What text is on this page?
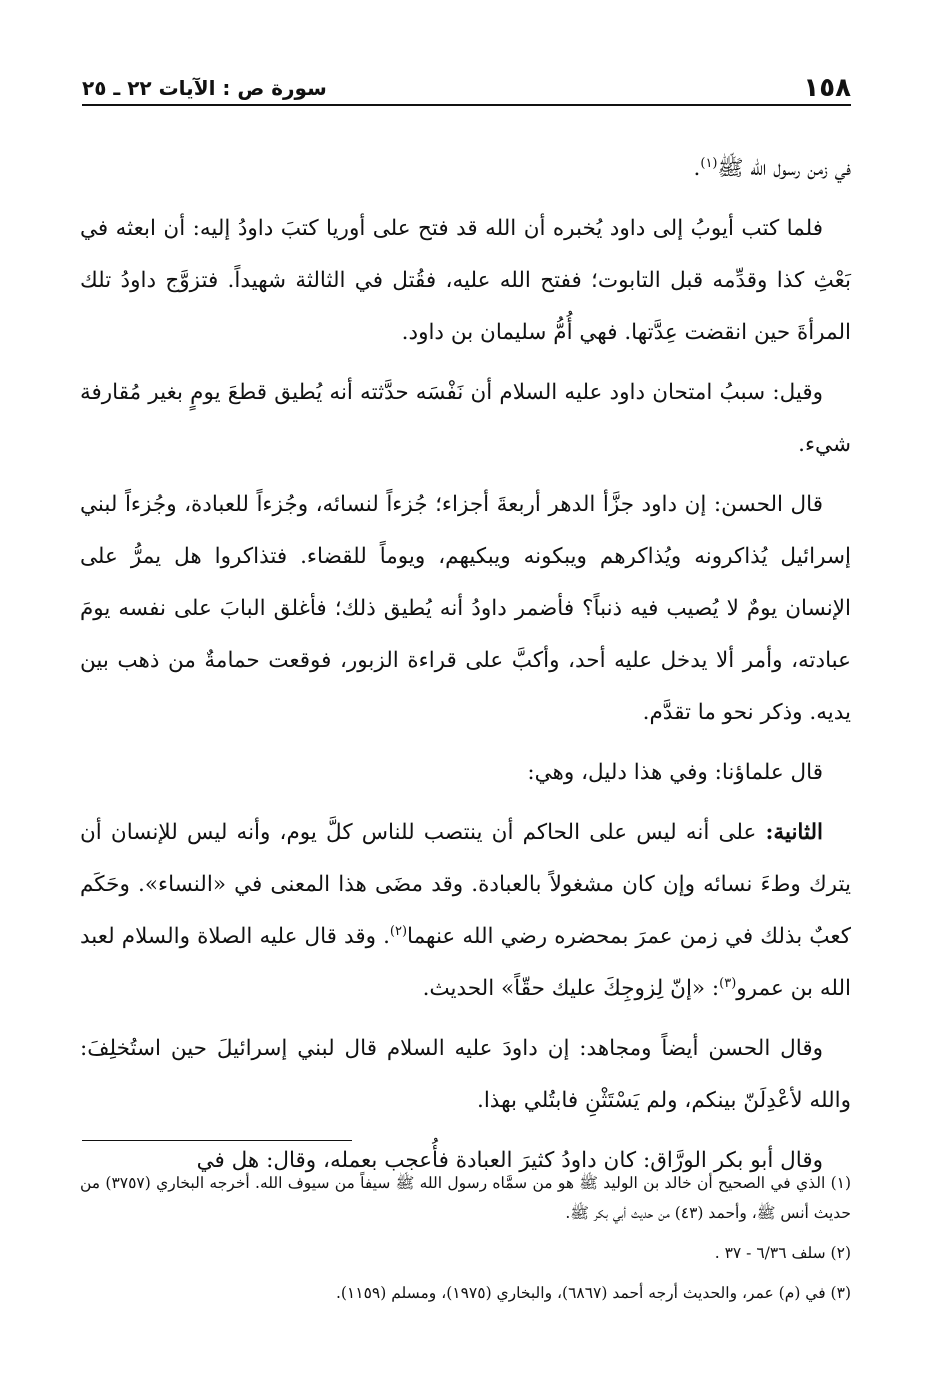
١٥٨
سورة ص : الآيات ٢٢ ـ ٢٥

في زمن رسول الله ﷺ$^{(١)}$.

فلما كتب أيوبُ إلى داود يُخبره أن الله قد فتح على أوريا كتبَ داودُ إليه: أن ابعثه في بَعْثِ كذا وقدِّمه قبل التابوت؛ ففتح الله عليه، فقُتل في الثالثة شهيداً. فتزوَّج داودُ تلك المرأةَ حين انقضت عِدَّتها. فهي أُمُّ سليمان بن داود.

وقيل: سببُ امتحان داود عليه السلام أن نَفْسَه حدَّثته أنه يُطيق قطعَ يومٍ بغير مُقارفة شيء.

قال الحسن: إن داود جزَّأ الدهر أربعةَ أجزاء؛ جُزءاً لنسائه، وجُزءاً للعبادة، وجُزءاً لبني إسرائيل يُذاكرونه ويُذاكرهم ويبكونه ويبكيهم، ويوماً للقضاء. فتذاكروا هل يمرُّ على الإنسان يومٌ لا يُصيب فيه ذنباً؟ فأضمر داودُ أنه يُطيق ذلك؛ فأغلق البابَ على نفسه يومَ عبادته، وأمر ألا يدخل عليه أحد، وأكبَّ على قراءة الزبور، فوقعت حمامةٌ من ذهب بين يديه. وذكر نحو ما تقدَّم.

قال علماؤنا: وفي هذا دليل، وهي:

الثانية: على أنه ليس على الحاكم أن ينتصب للناس كلَّ يوم، وأنه ليس للإنسان أن يترك وطءَ نسائه وإن كان مشغولاً بالعبادة. وقد مضَى هذا المعنى في «النساء». وحَكَم كعبٌ بذلك في زمن عمرَ بمحضره رضي الله عنهما$^{(٢)}$. وقد قال عليه الصلاة والسلام لعبد الله بن عمرو$^{(٣)}$: «إنّ لِزوجِكَ عليك حقّاً» الحديث.

وقال الحسن أيضاً ومجاهد: إن داودَ عليه السلام قال لبني إسرائيلَ حين استُخلِفَ: والله لأعْدِلَنّ بينكم، ولم يَسْتَثْنِ فابتُلي بهذا.

وقال أبو بكر الورَّاق: كان داودُ كثيرَ العبادة فأُعجب بعمله، وقال: هل في

(١) الذي في الصحيح أن خالد بن الوليد ﷺ هو من سمَّاه رسول الله ﷺ سيفاً من سيوف الله. أخرجه البخاري (٣٧٥٧) من حديث أنس ﷺ، وأحمد (٤٣) من حديث أبي بكر ﷺ.

(٢) سلف ٦/٣٦ - ٣٧ .

(٣) في (م) عمر، والحديث أرجه أحمد (٦٨٦٧)، والبخاري (١٩٧٥)، ومسلم (١١٥٩).
